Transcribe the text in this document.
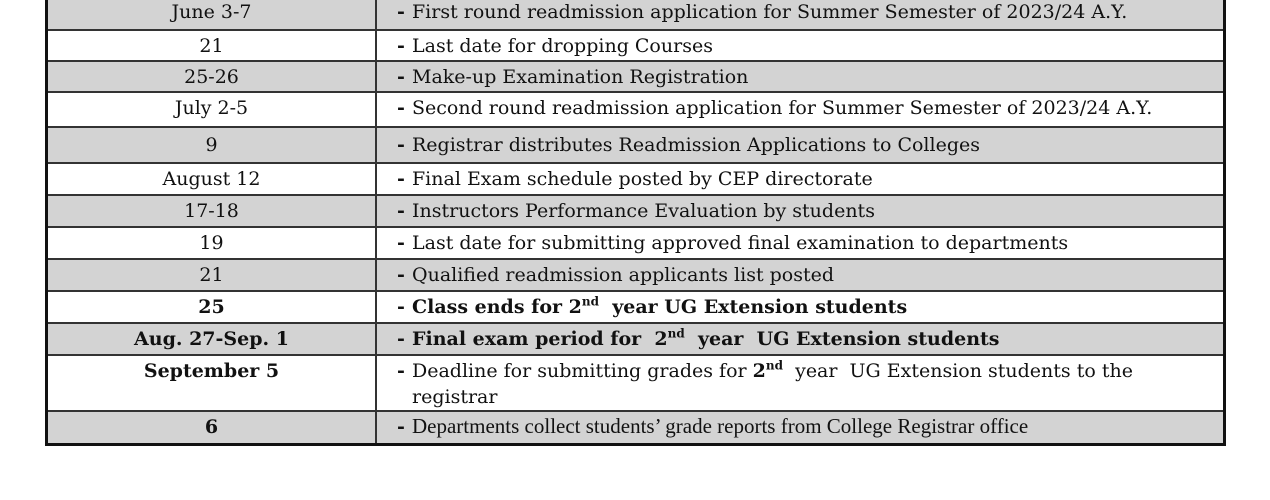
June 3-7	- First round readmission application for Summer Semester of 2023/24 A.Y.
21	- Last date for dropping Courses
25-26	- Make-up Examination Registration
July 2-5	- Second round readmission application for Summer Semester of 2023/24 A.Y.
9	- Registrar distributes Readmission Applications to Colleges
August 12	- Final Exam schedule posted by CEP directorate
17-18	- Instructors Performance Evaluation by students
19	- Last date for submitting approved final examination to departments
21	- Qualified readmission applicants list posted
25	- Class ends for 2nd  year UG Extension students
Aug. 27-Sep. 1	- Final exam period for  2nd  year  UG Extension students
September 5	- Deadline for submitting grades for 2nd  year  UG Extension students to the registrar
6	- Departments collect students’ grade reports from College Registrar office
